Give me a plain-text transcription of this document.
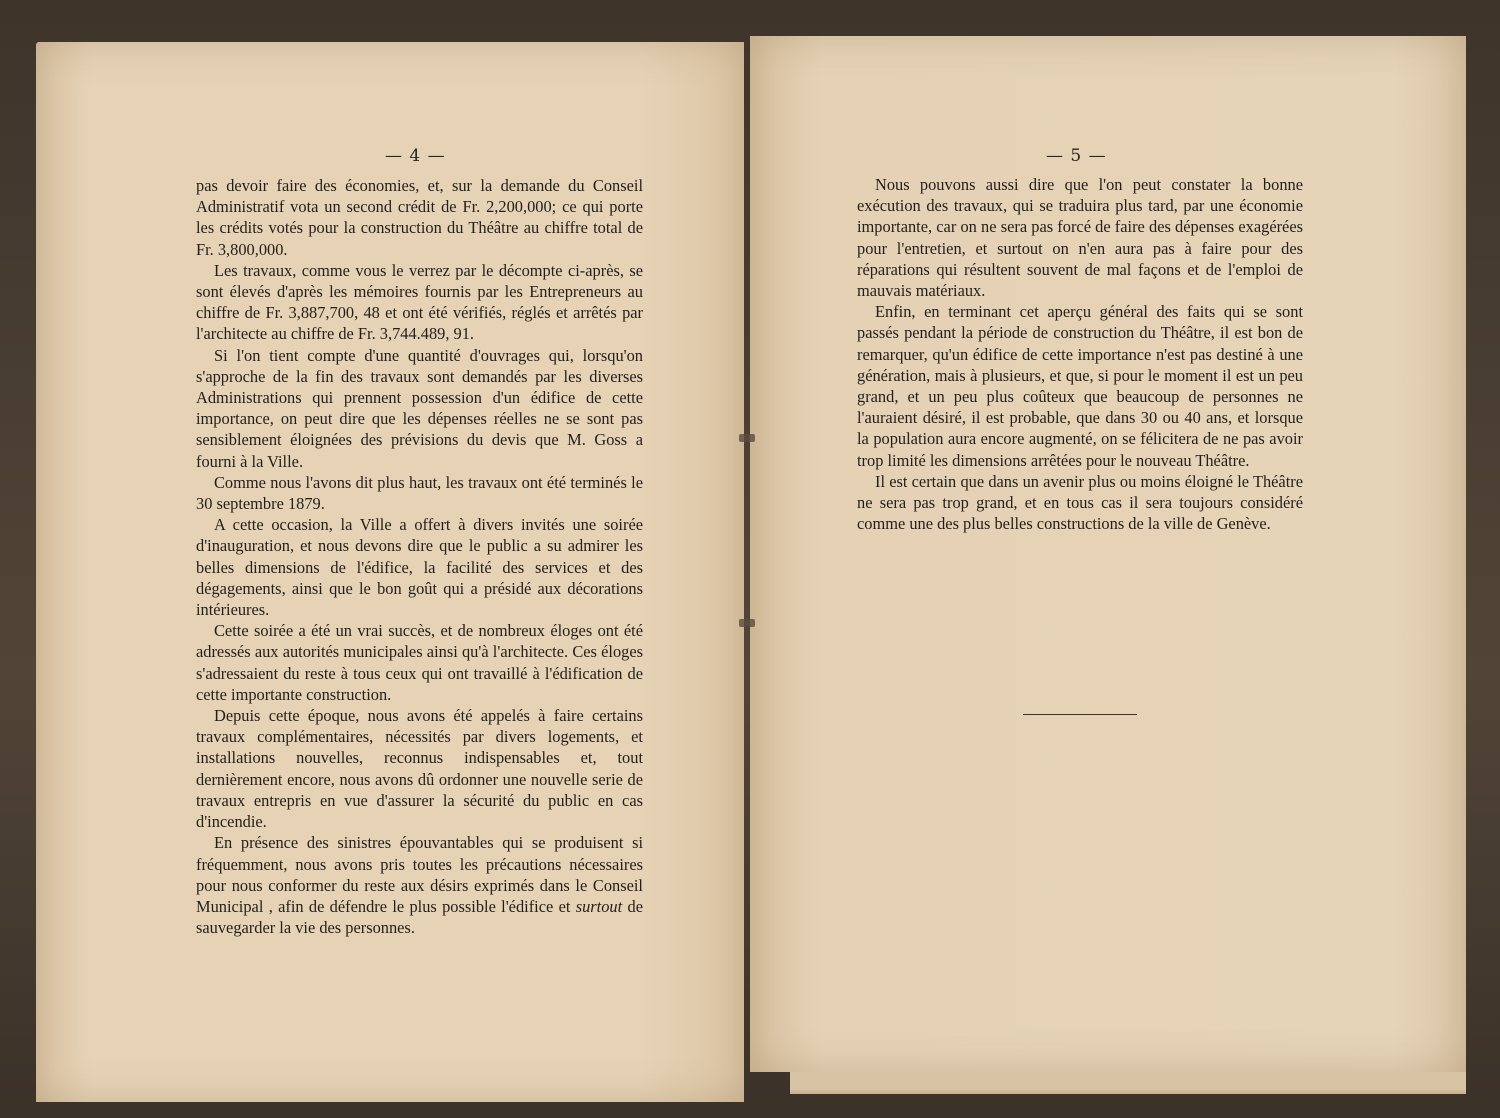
— 4 —	— 5 —

pas devoir faire des économies, et, sur la demande du Conseil Administratif vota un second crédit de Fr. 2,200,000; ce qui porte les crédits votés pour la construction du Théâtre au chiffre total de Fr. 3,800,000.

Les travaux, comme vous le verrez par le décompte ci-après, se sont élevés d'après les mémoires fournis par les Entrepreneurs au chiffre de Fr. 3,887,700, 48 et ont été vérifiés, réglés et arrêtés par l'architecte au chiffre de Fr. 3,744.489, 91.

Si l'on tient compte d'une quantité d'ouvrages qui, lorsqu'on s'approche de la fin des travaux sont demandés par les diverses Administrations qui prennent possession d'un édifice de cette importance, on peut dire que les dépenses réelles ne se sont pas sensiblement éloignées des prévisions du devis que M. Goss a fourni à la Ville.

Comme nous l'avons dit plus haut, les travaux ont été terminés le 30 septembre 1879.

A cette occasion, la Ville a offert à divers invités une soirée d'inauguration, et nous devons dire que le public a su admirer les belles dimensions de l'édifice, la facilité des services et des dégagements, ainsi que le bon goût qui a présidé aux décorations intérieures.

Cette soirée a été un vrai succès, et de nombreux éloges ont été adressés aux autorités municipales ainsi qu'à l'architecte. Ces éloges s'adressaient du reste à tous ceux qui ont travaillé à l'édification de cette importante construction.

Depuis cette époque, nous avons été appelés à faire certains travaux complémentaires, nécessités par divers logements, et installations nouvelles, reconnus indispensables et, tout dernièrement encore, nous avons dû ordonner une nouvelle serie de travaux entrepris en vue d'assurer la sécurité du public en cas d'incendie.

En présence des sinistres épouvantables qui se produisent si fréquemment, nous avons pris toutes les précautions nécessaires pour nous conformer du reste aux désirs exprimés dans le Conseil Municipal , afin de défendre le plus possible l'édifice et surtout de sauvegarder la vie des personnes.

Nous pouvons aussi dire que l'on peut constater la bonne exécution des travaux, qui se traduira plus tard, par une économie importante, car on ne sera pas forcé de faire des dépenses exagérées pour l'entretien, et surtout on n'en aura pas à faire pour des réparations qui résultent souvent de mal façons et de l'emploi de mauvais matériaux.

Enfin, en terminant cet aperçu général des faits qui se sont passés pendant la période de construction du Théâtre, il est bon de remarquer, qu'un édifice de cette importance n'est pas destiné à une génération, mais à plusieurs, et que, si pour le moment il est un peu grand, et un peu plus coûteux que beaucoup de personnes ne l'auraient désiré, il est probable, que dans 30 ou 40 ans, et lorsque la population aura encore augmenté, on se félicitera de ne pas avoir trop limité les dimensions arrêtées pour le nouveau Théâtre.

Il est certain que dans un avenir plus ou moins éloigné le Théâtre ne sera pas trop grand, et en tous cas il sera toujours considéré comme une des plus belles constructions de la ville de Genève.
